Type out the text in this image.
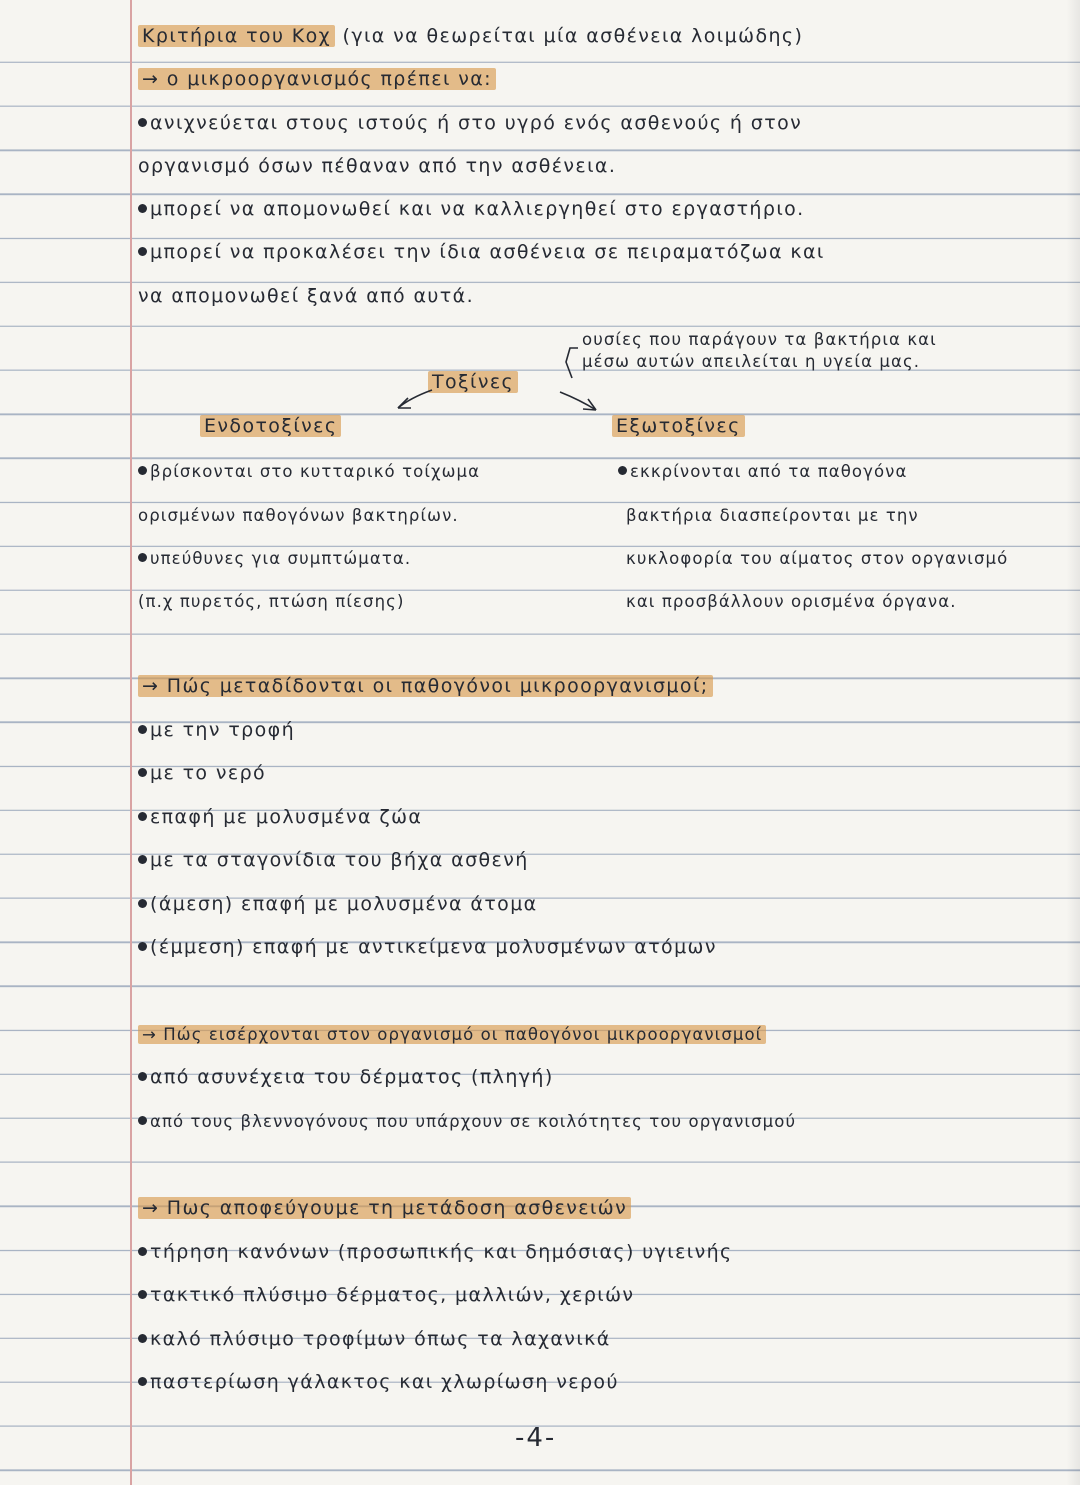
Κριτήρια του Κοχ (για να θεωρείται μία ασθένεια λοιμώδης)
→ ο μικροοργανισμός πρέπει να:
ανιχνεύεται στους ιστούς ή στο υγρό ενός ασθενούς ή στον
οργανισμό όσων πέθαναν από την ασθένεια.
μπορεί να απομονωθεί και να καλλιεργηθεί στο εργαστήριο.
μπορεί να προκαλέσει την ίδια ασθένεια σε πειραματόζωα και
να απομονωθεί ξανά από αυτά.
ουσίες που παράγουν τα βακτήρια και
μέσω αυτών απειλείται η υγεία μας.
Τοξίνες
Ενδοτοξίνες	Εξωτοξίνες
βρίσκονται στο κυτταρικό τοίχωμα
ορισμένων παθογόνων βακτηρίων.
υπεύθυνες για συμπτώματα.
(π.χ πυρετός, πτώση πίεσης)
εκκρίνονται από τα παθογόνα
βακτήρια διασπείρονται με την
κυκλοφορία του αίματος στον οργανισμό
και προσβάλλουν ορισμένα όργανα.
→ Πώς μεταδίδονται οι παθογόνοι μικροοργανισμοί;
με την τροφή
με το νερό
επαφή με μολυσμένα ζώα
με τα σταγονίδια του βήχα ασθενή
(άμεση) επαφή με μολυσμένα άτομα
(έμμεση) επαφή με αντικείμενα μολυσμένων ατόμων
→ Πώς εισέρχονται στον οργανισμό οι παθογόνοι μικροοργανισμοί
από ασυνέχεια του δέρματος (πληγή)
από τους βλεννογόνους που υπάρχουν σε κοιλότητες του οργανισμού
→ Πως αποφεύγουμε τη μετάδοση ασθενειών
τήρηση κανόνων (προσωπικής και δημόσιας) υγιεινής
τακτικό πλύσιμο δέρματος, μαλλιών, χεριών
καλό πλύσιμο τροφίμων όπως τα λαχανικά
παστερίωση γάλακτος και χλωρίωση νερού
-4-
